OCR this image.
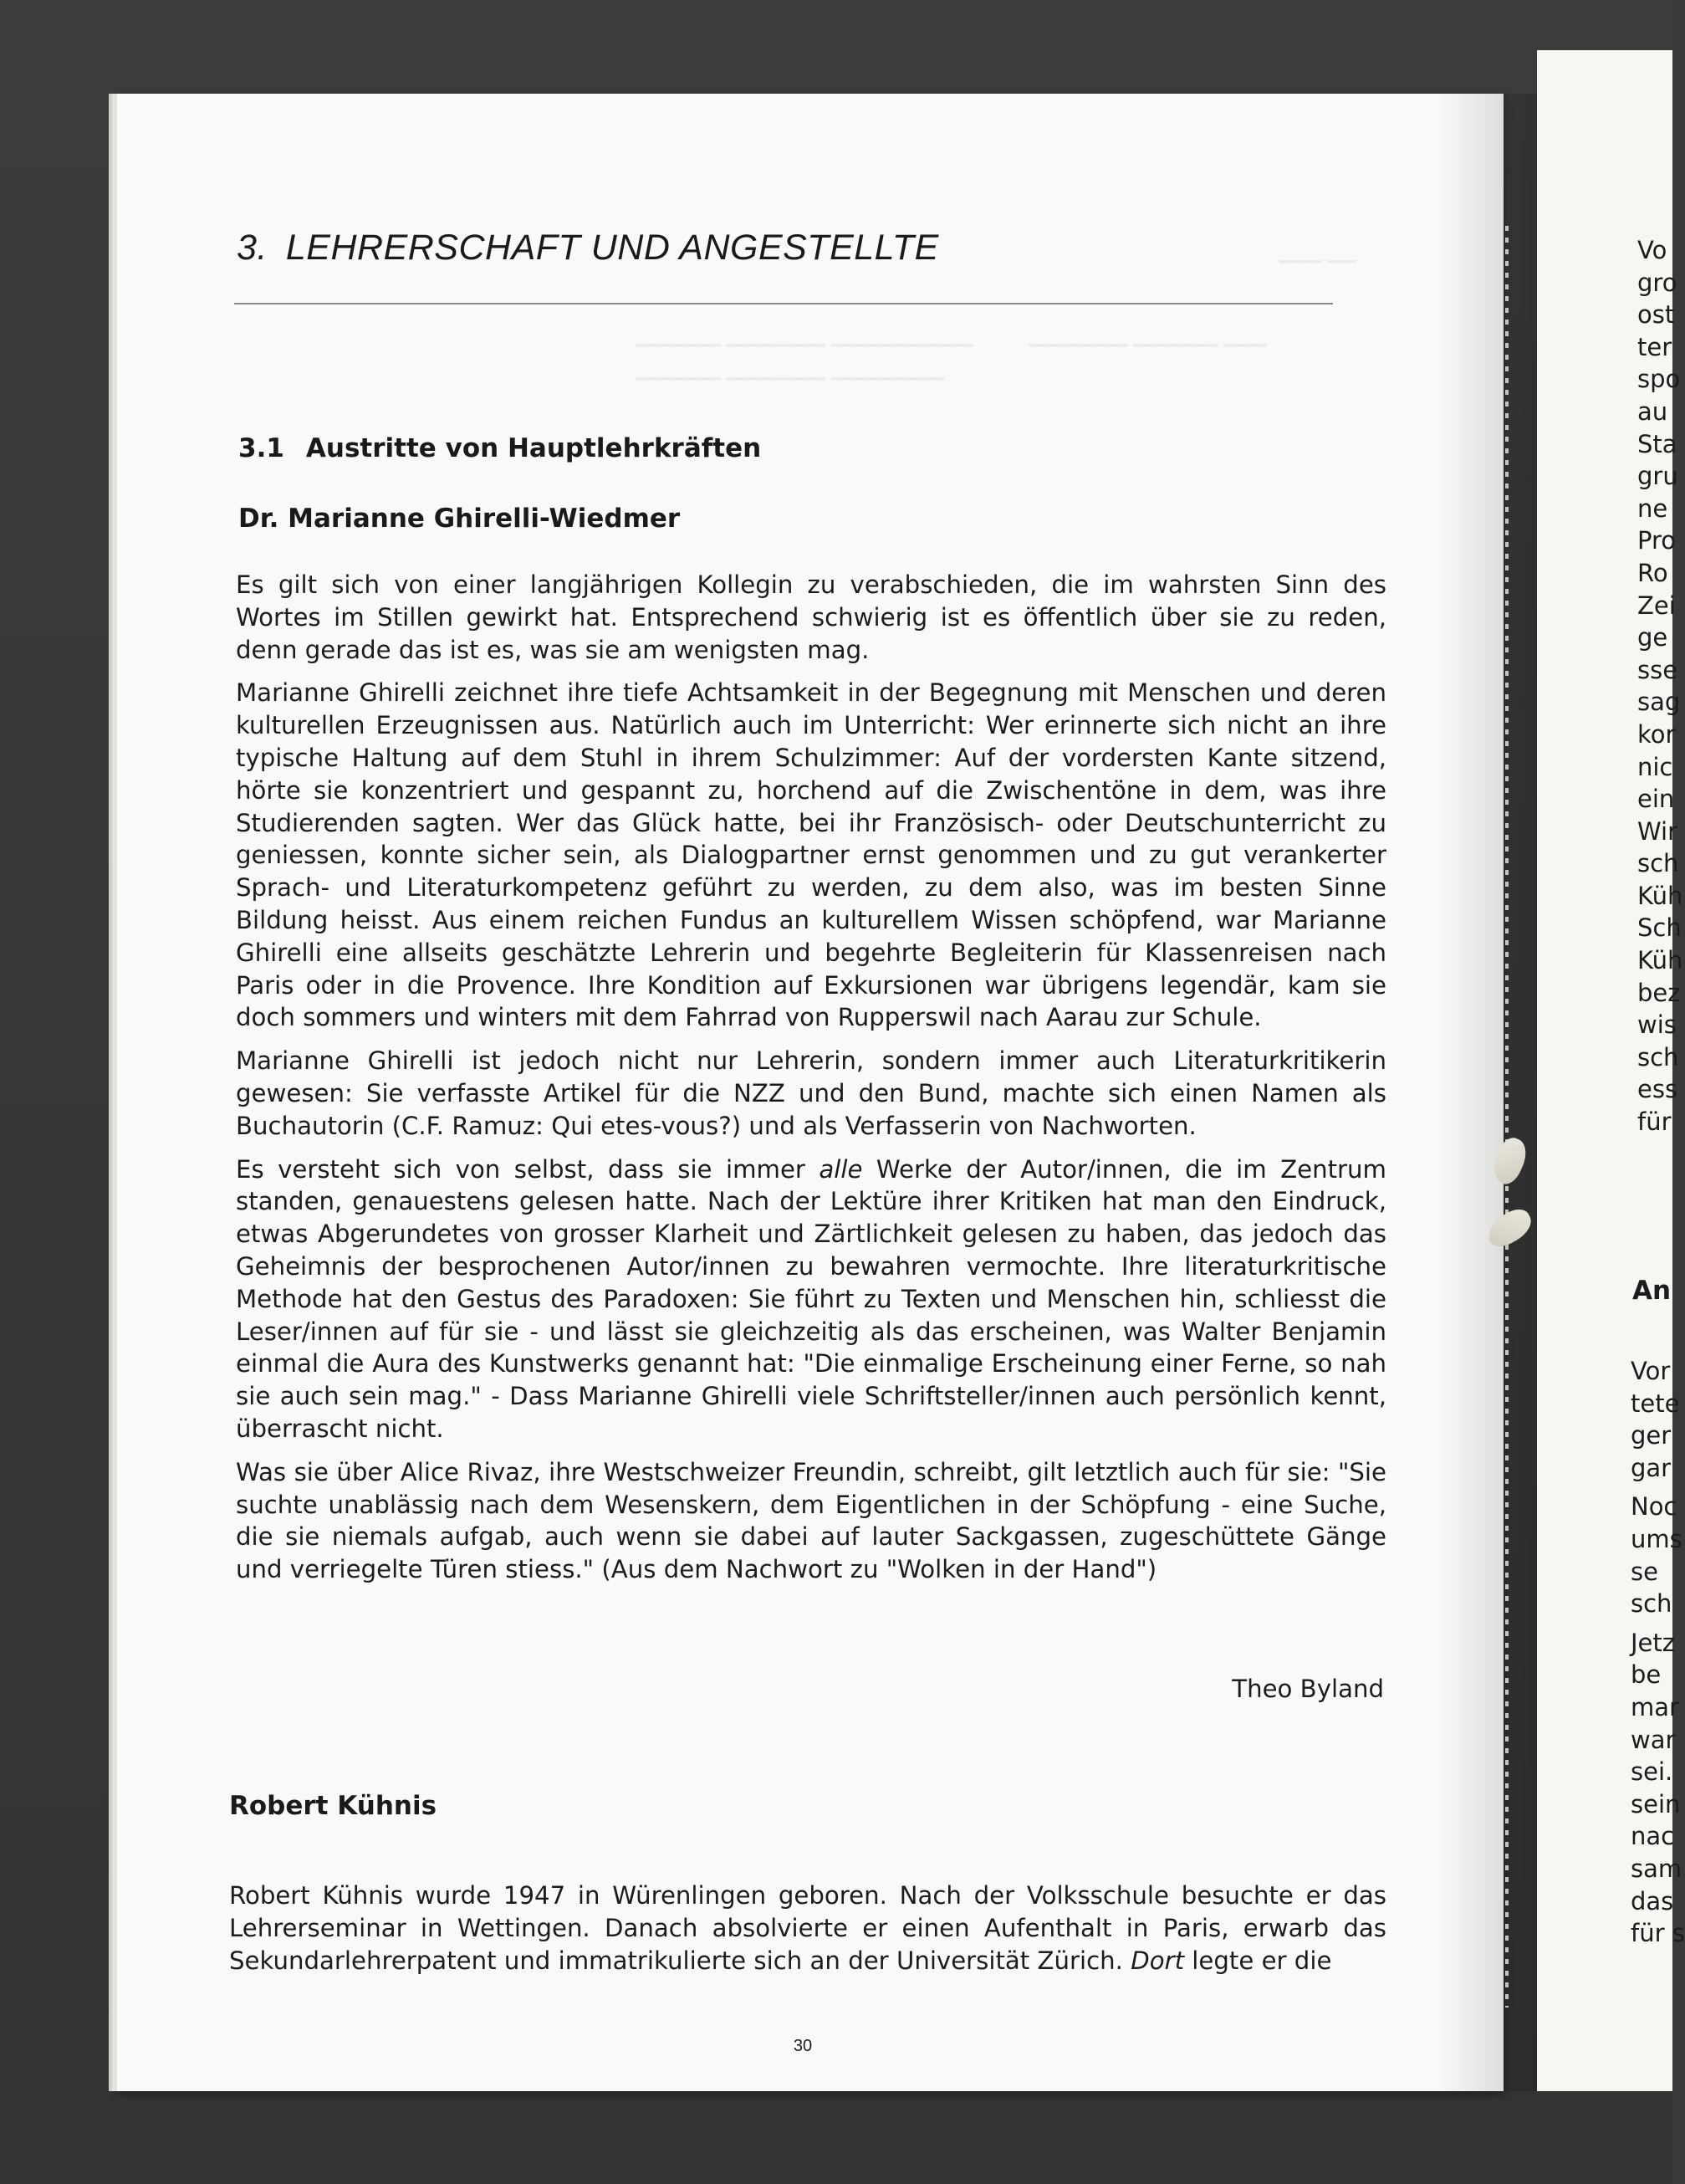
▁▁▁ ▁▁
▁▁▁▁▁▁ ▁▁▁▁▁▁▁ ▁▁▁▁▁▁▁▁▁▁
▁▁▁▁▁▁ ▁▁▁▁▁▁▁ ▁▁▁▁▁▁▁▁
▁▁▁▁▁▁▁ ▁▁▁▁▁▁ ▁▁▁
3. LEHRERSCHAFT UND ANGESTELLTE
3.1 Austritte von Hauptlehrkräften
Dr. Marianne Ghirelli-Wiedmer

Es gilt sich von einer langjährigen Kollegin zu verabschieden, die im wahrsten Sinn des Wortes im Stillen gewirkt hat. Entsprechend schwierig ist es öffentlich über sie zu reden, denn gerade das ist es, was sie am wenigsten mag.

Marianne Ghirelli zeichnet ihre tiefe Achtsamkeit in der Begegnung mit Menschen und deren kulturellen Erzeugnissen aus. Natürlich auch im Unterricht: Wer erinnerte sich nicht an ihre typische Haltung auf dem Stuhl in ihrem Schulzimmer: Auf der vordersten Kante sitzend, hörte sie konzentriert und gespannt zu, horchend auf die Zwischentöne in dem, was ihre Studierenden sagten. Wer das Glück hatte, bei ihr Französisch- oder Deutschunterricht zu geniessen, konnte sicher sein, als Dialogpartner ernst genommen und zu gut verankerter Sprach- und Literaturkompetenz geführt zu werden, zu dem also, was im besten Sinne Bildung heisst. Aus einem reichen Fundus an kulturellem Wissen schöpfend, war Marianne Ghirelli eine allseits geschätzte Lehrerin und begehrte Begleiterin für Klassenreisen nach Paris oder in die Provence. Ihre Kondition auf Exkursionen war übrigens legendär, kam sie doch sommers und winters mit dem Fahrrad von Rupperswil nach Aarau zur Schule.

Marianne Ghirelli ist jedoch nicht nur Lehrerin, sondern immer auch Literaturkritikerin gewesen: Sie verfasste Artikel für die NZZ und den Bund, machte sich einen Namen als Buchautorin (C.F. Ramuz: Qui etes-vous?) und als Verfasserin von Nachworten.

Es versteht sich von selbst, dass sie immer alle Werke der Autor/innen, die im Zentrum standen, genauestens gelesen hatte. Nach der Lektüre ihrer Kritiken hat man den Eindruck, etwas Abgerundetes von grosser Klarheit und Zärtlichkeit gelesen zu haben, das jedoch das Geheimnis der besprochenen Autor/innen zu bewahren vermochte. Ihre literaturkritische Methode hat den Gestus des Paradoxen: Sie führt zu Texten und Menschen hin, schliesst die Leser/innen auf für sie - und lässt sie gleichzeitig als das erscheinen, was Walter Benjamin einmal die Aura des Kunstwerks genannt hat: "Die einmalige Erscheinung einer Ferne, so nah sie auch sein mag." - Dass Marianne Ghirelli viele Schriftsteller/innen auch persönlich kennt, überrascht nicht.

Was sie über Alice Rivaz, ihre Westschweizer Freundin, schreibt, gilt letztlich auch für sie: "Sie suchte unablässig nach dem Wesenskern, dem Eigentlichen in der Schöpfung - eine Suche, die sie niemals aufgab, auch wenn sie dabei auf lauter Sackgassen, zugeschüttete Gänge und verriegelte Türen stiess." (Aus dem Nachwort zu "Wolken in der Hand")

Theo Byland
Robert Kühnis

Robert Kühnis wurde 1947 in Würenlingen geboren. Nach der Volksschule besuchte er das Lehrerseminar in Wettingen. Danach absolvierte er einen Aufenthalt in Paris, erwarb das Sekundarlehrerpatent und immatrikulierte sich an der Universität Zürich. Dort legte er die

30
Vo
gro
ost
ter
spo
au
Sta
gru
ne
Pro
Ro
Zei
ge
sse
sag
kor
nic
ein
Wir
sch
Küh
Sch
Küh
bez
wis
sch
ess
für
An
Vor
tete
ger
gar
Noc
ums
se
sch
Jetz
be
mar
war
sei.
sein
nac
sam
das
für s
